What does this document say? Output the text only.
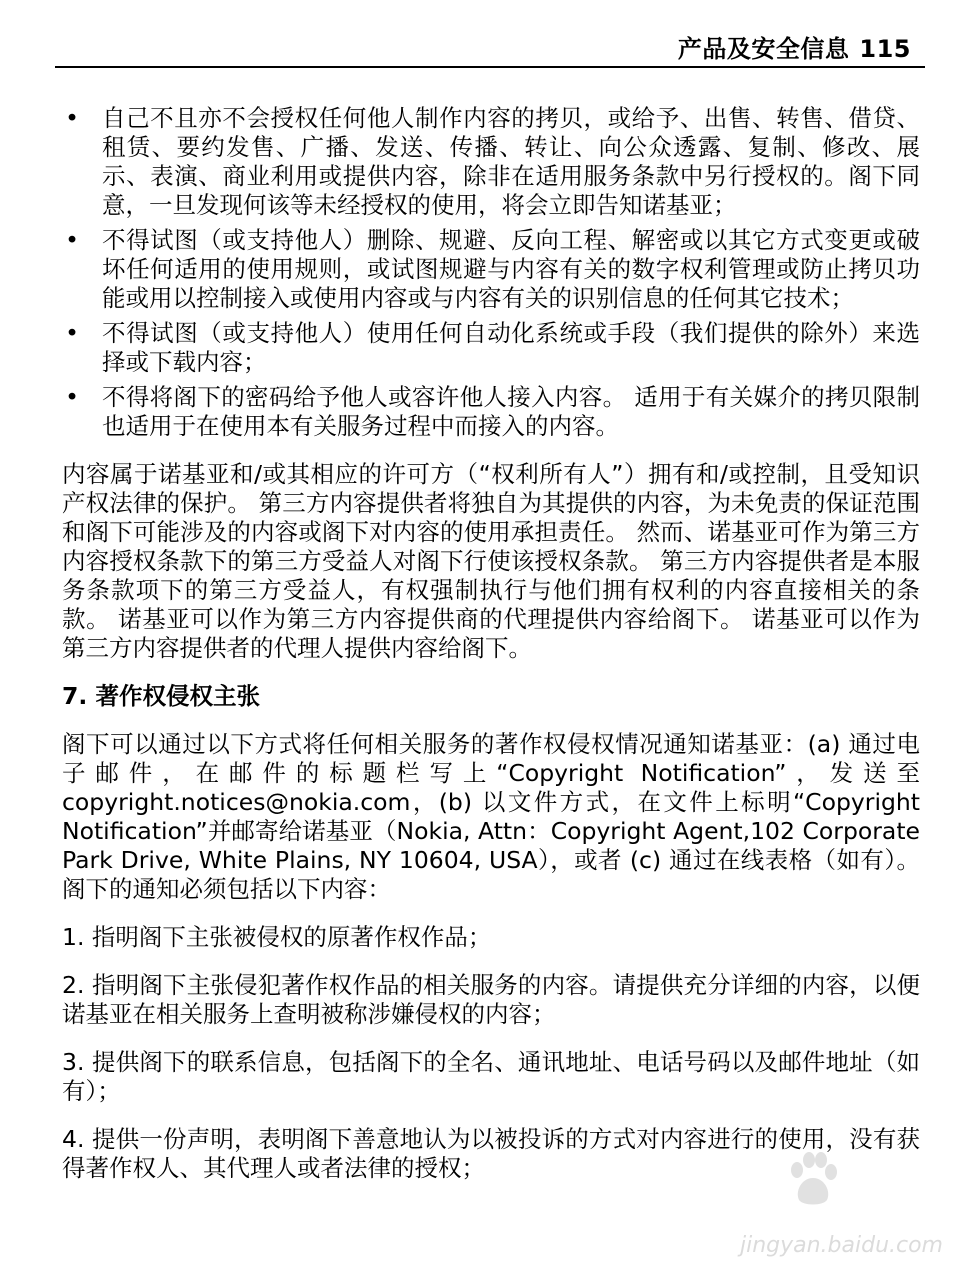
产品及安全信息 115
• 自己不且亦不会授权任何他人制作内容的拷贝，或给予、出售、转售、借贷、租赁、要约发售、广播、发送、传播、转让、向公众透露、复制、修改、展示、表演、商业利用或提供内容，除非在适用服务条款中另行授权的。阁下同意，一旦发现何该等未经授权的使用，将会立即告知诺基亚；
• 不得试图（或支持他人）删除、规避、反向工程、解密或以其它方式变更或破坏任何适用的使用规则，或试图规避与内容有关的数字权利管理或防止拷贝功能或用以控制接入或使用内容或与内容有关的识别信息的任何其它技术；
• 不得试图（或支持他人）使用任何自动化系统或手段（我们提供的除外）来选择或下载内容；
• 不得将阁下的密码给予他人或容许他人接入内容。 适用于有关媒介的拷贝限制也适用于在使用本有关服务过程中而接入的内容。

内容属于诺基亚和/或其相应的许可方（“权利所有人”）拥有和/或控制，且受知识产权法律的保护。 第三方内容提供者将独自为其提供的内容，为未免责的保证范围和阁下可能涉及的内容或阁下对内容的使用承担责任。 然而、诺基亚可作为第三方内容授权条款下的第三方受益人对阁下行使该授权条款。 第三方内容提供者是本服务条款项下的第三方受益人，有权强制执行与他们拥有权利的内容直接相关的条款。 诺基亚可以作为第三方内容提供商的代理提供内容给阁下。 诺基亚可以作为第三方内容提供者的代理人提供内容给阁下。

7. 著作权侵权主张

阁下可以通过以下方式将任何相关服务的著作权侵权情况通知诺基亚：(a) 通过电子邮件，在邮件的标题栏写上“Copyright Notification”，发送至 copyright.notices@nokia.com，(b) 以文件方式，在文件上标明“Copyright Notification”并邮寄给诺基亚（Nokia, Attn：Copyright Agent,102 Corporate Park Drive, White Plains, NY 10604, USA），或者 (c) 通过在线表格（如有）。 阁下的通知必须包括以下内容：

1. 指明阁下主张被侵权的原著作权作品；

2. 指明阁下主张侵犯著作权作品的相关服务的内容。请提供充分详细的内容，以便诺基亚在相关服务上查明被称涉嫌侵权的内容；

3. 提供阁下的联系信息，包括阁下的全名、通讯地址、电话号码以及邮件地址（如有）；

4. 提供一份声明，表明阁下善意地认为以被投诉的方式对内容进行的使用，没有获得著作权人、其代理人或者法律的授权；

jingyan.baidu.com
